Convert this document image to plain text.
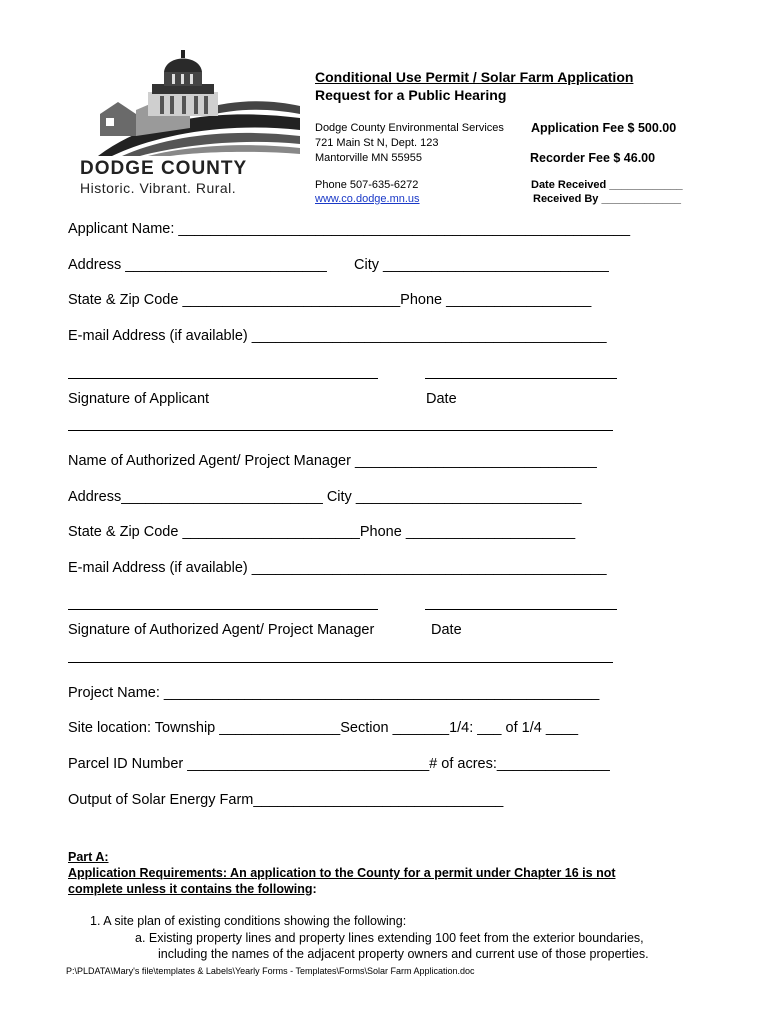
DODGE COUNTY
Historic. Vibrant. Rural.
Conditional Use Permit / Solar Farm Application
Request for a Public Hearing
Dodge County Environmental Services
721 Main St N, Dept. 123
Mantorville MN 55955
Phone 507-635-6272
www.co.dodge.mn.us
Application Fee $ 500.00
Recorder Fee $ 46.00
Date Received ____________
Received By _____________
Applicant Name: ________________________________________________________
Address _________________________ City ____________________________
State & Zip Code ___________________________Phone __________________
E-mail Address (if available) ____________________________________________
Signature of Applicant	Date
Name of Authorized Agent/ Project Manager ______________________________
Address_________________________ City ____________________________
State & Zip Code ______________________Phone _____________________
E-mail Address (if available) ____________________________________________
Signature of Authorized Agent/ Project Manager	Date
Project Name: ______________________________________________________
Site location: Township _______________Section _______1/4: ___ of 1/4 ____
Parcel ID Number ______________________________# of acres:______________
Output of Solar Energy Farm_______________________________
Part A:
Application Requirements: An application to the County for a permit under Chapter 16 is not
complete unless it contains the following:
1. A site plan of existing conditions showing the following:
a. Existing property lines and property lines extending 100 feet from the exterior boundaries,
including the names of the adjacent property owners and current use of those properties.
P:\PLDATA\Mary's file\templates & Labels\Yearly Forms - Templates\Forms\Solar Farm Application.doc
